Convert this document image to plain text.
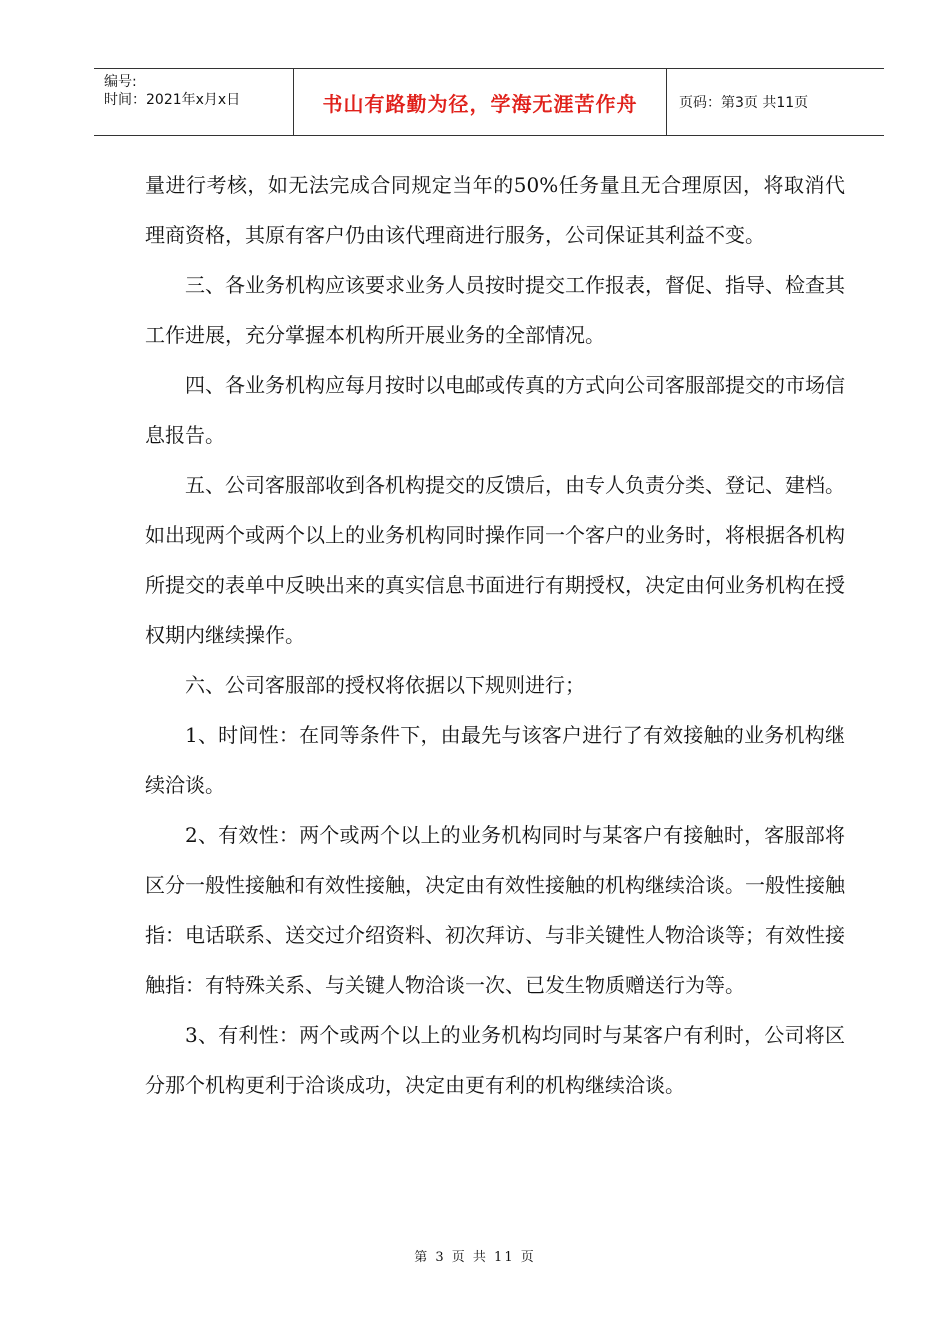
编号:
时间：2021年x月x日	书山有路勤为径，学海无涯苦作舟	页码：第3页 共11页

量进行考核，如无法完成合同规定当年的50%任务量且无合理原因，将取消代理商资格，其原有客户仍由该代理商进行服务，公司保证其利益不变。

三、各业务机构应该要求业务人员按时提交工作报表，督促、指导、检查其工作进展，充分掌握本机构所开展业务的全部情况。

四、各业务机构应每月按时以电邮或传真的方式向公司客服部提交的市场信息报告。

五、公司客服部收到各机构提交的反馈后，由专人负责分类、登记、建档。如出现两个或两个以上的业务机构同时操作同一个客户的业务时，将根据各机构所提交的表单中反映出来的真实信息书面进行有期授权，决定由何业务机构在授权期内继续操作。

六、公司客服部的授权将依据以下规则进行；

1、时间性：在同等条件下，由最先与该客户进行了有效接触的业务机构继续洽谈。

2、有效性：两个或两个以上的业务机构同时与某客户有接触时，客服部将区分一般性接触和有效性接触，决定由有效性接触的机构继续洽谈。一般性接触指：电话联系、送交过介绍资料、初次拜访、与非关键性人物洽谈等；有效性接触指：有特殊关系、与关键人物洽谈一次、已发生物质赠送行为等。

3、有利性：两个或两个以上的业务机构均同时与某客户有利时，公司将区分那个机构更利于洽谈成功，决定由更有利的机构继续洽谈。

第 3 页 共 11 页
